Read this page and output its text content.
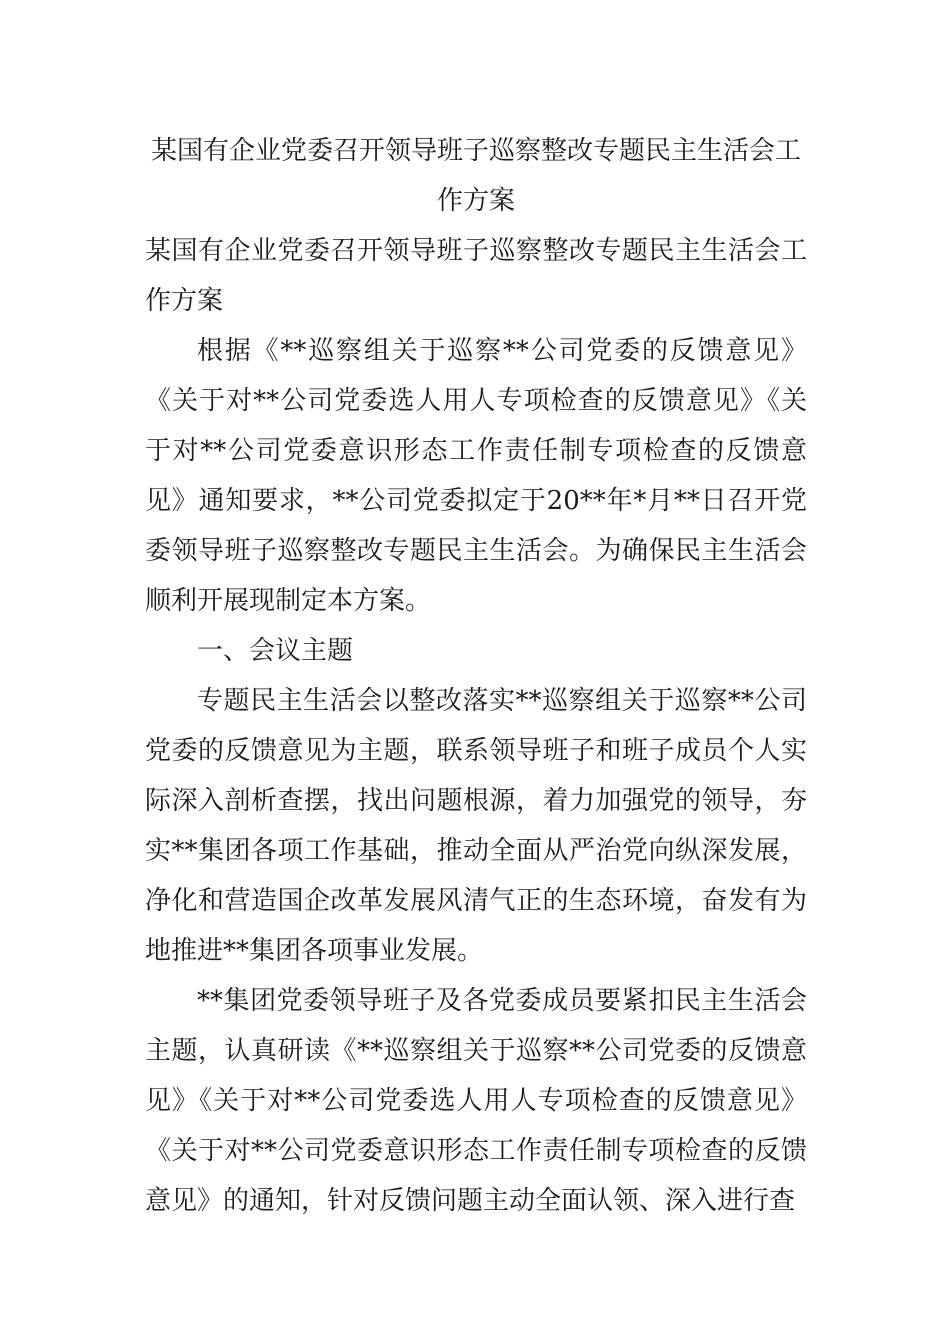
某国有企业党委召开领导班子巡察整改专题民主生活会工作方案

某国有企业党委召开领导班子巡察整改专题民主生活会工作方案

根据《**巡察组关于巡察**公司党委的反馈意见》《关于对**公司党委选人用人专项检查的反馈意见》《关于对**公司党委意识形态工作责任制专项检查的反馈意见》通知要求，**公司党委拟定于20**年*月**日召开党委领导班子巡察整改专题民主生活会。为确保民主生活会顺利开展现制定本方案。

一、会议主题

专题民主生活会以整改落实**巡察组关于巡察**公司党委的反馈意见为主题，联系领导班子和班子成员个人实际深入剖析查摆，找出问题根源，着力加强党的领导，夯实**集团各项工作基础，推动全面从严治党向纵深发展，净化和营造国企改革发展风清气正的生态环境，奋发有为地推进**集团各项事业发展。

**集团党委领导班子及各党委成员要紧扣民主生活会主题，认真研读《**巡察组关于巡察**公司党委的反馈意见》《关于对**公司党委选人用人专项检查的反馈意见》《关于对**公司党委意识形态工作责任制专项检查的反馈意见》的通知，针对反馈问题主动全面认领、深入进行查
